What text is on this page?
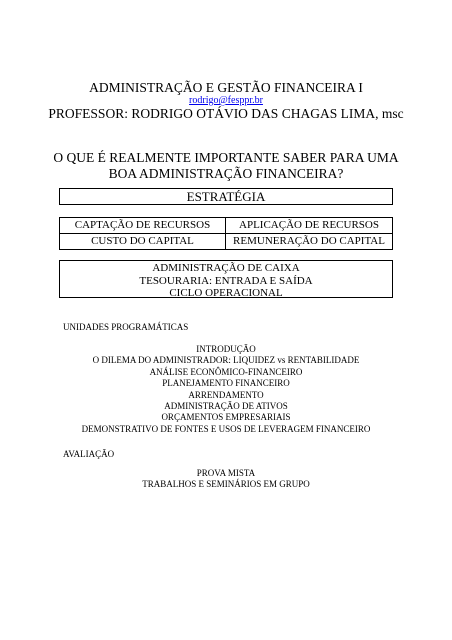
ADMINISTRAÇÃO E GESTÃO FINANCEIRA I
rodrigo@fesppr.br
PROFESSOR: RODRIGO OTÁVIO DAS CHAGAS LIMA, msc
O QUE É REALMENTE IMPORTANTE SABER PARA UMA
BOA ADMINISTRAÇÃO FINANCEIRA?
ESTRATÉGIA
CAPTAÇÃO DE RECURSOS	APLICAÇÃO DE RECURSOS
CUSTO DO CAPITAL	REMUNERAÇÃO DO CAPITAL
ADMINISTRAÇÃO DE CAIXA
TESOURARIA: ENTRADA E SAÍDA
CICLO OPERACIONAL
UNIDADES PROGRAMÁTICAS
INTRODUÇÃO
O DILEMA DO ADMINISTRADOR: LIQUIDEZ vs RENTABILIDADE
ANÁLISE ECONÔMICO-FINANCEIRO
PLANEJAMENTO FINANCEIRO
ARRENDAMENTO
ADMINISTRAÇÃO DE ATIVOS
ORÇAMENTOS EMPRESARIAIS
DEMONSTRATIVO DE FONTES E USOS DE LEVERAGEM FINANCEIRO
AVALIAÇÃO
PROVA MISTA
TRABALHOS E SEMINÁRIOS EM GRUPO
